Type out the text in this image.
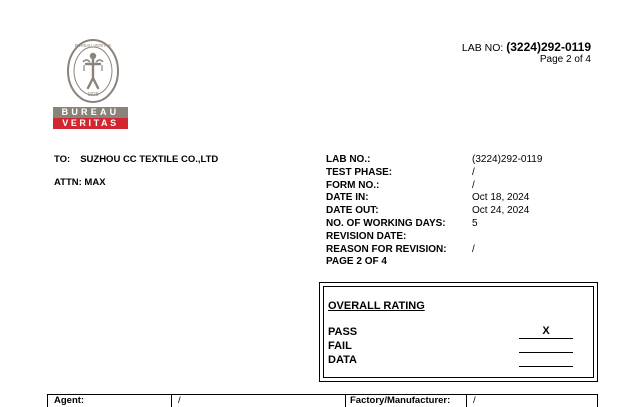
1828
BUREAU VERITAS
BUREAU
VERITAS
LAB NO: (3224)292-0119
Page 2 of 4
TO: SUZHOU CC TEXTILE CO.,LTD
ATTN: MAX
LAB NO.:	(3224)292-0119
TEST PHASE:	/
FORM NO.:	/
DATE IN:	Oct 18, 2024
DATE OUT:	Oct 24, 2024
NO. OF WORKING DAYS:	5
REVISION DATE:
REASON FOR REVISION:	/
PAGE 2 OF 4
OVERALL RATING
PASS	X
FAIL
DATA
Agent:	/	Factory/Manufacturer: /
